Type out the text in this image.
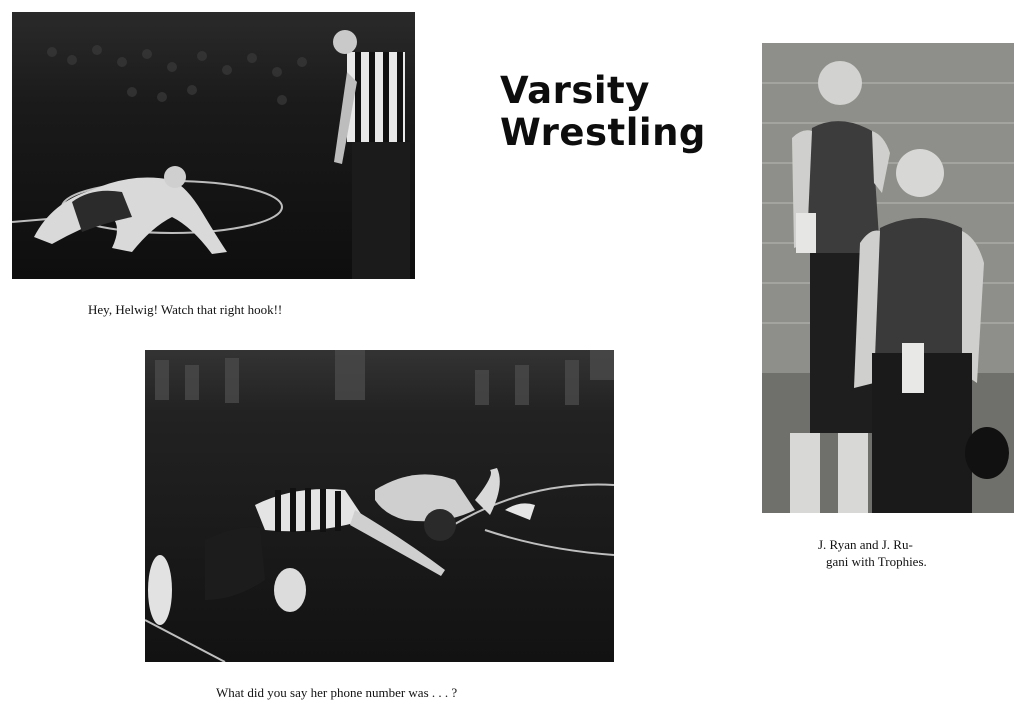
Hey, Helwig! Watch that right hook!!
Varsity
Wrestling
J. Ryan and J. Ru-
gani with Trophies.
What did you say her phone number was . . . ?
